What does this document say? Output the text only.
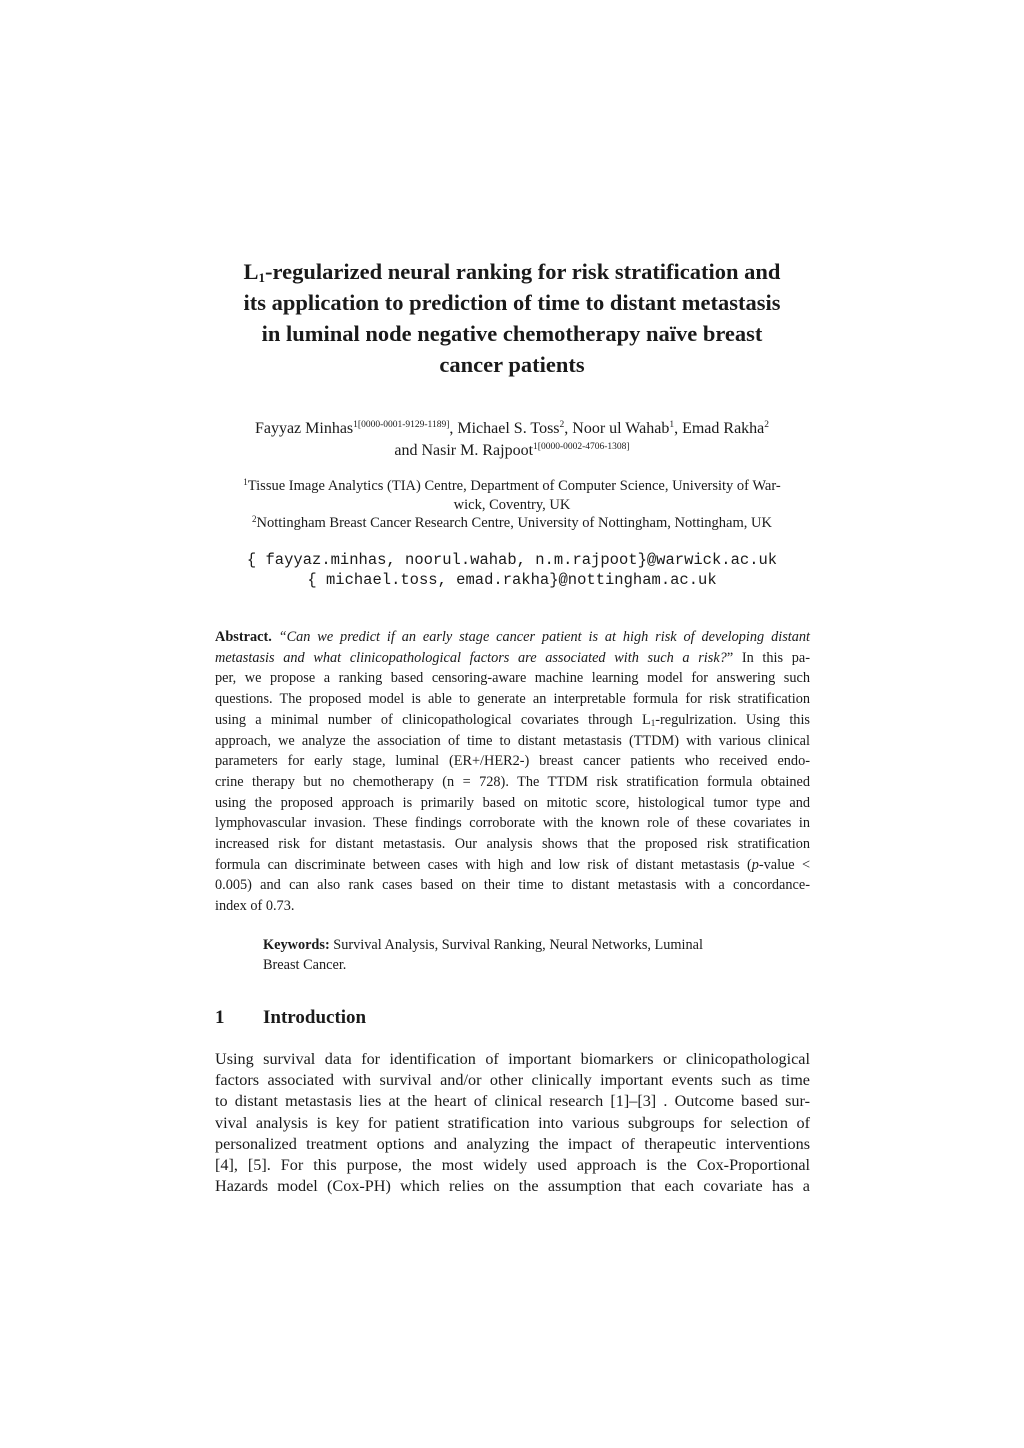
$L_1$-regularized neural ranking for risk stratification and
its application to prediction of time to distant metastasis
in luminal node negative chemotherapy naïve breast
cancer patients
Fayyaz Minhas$^{1[0000-0001-9129-1189]}$, Michael S. Toss$^2$, Noor ul Wahab$^1$, Emad Rakha$^2$
and Nasir M. Rajpoot$^{1[0000-0002-4706-1308]}$
$^1$Tissue Image Analytics (TIA) Centre, Department of Computer Science, University of War-
wick, Coventry, UK
$^2$Nottingham Breast Cancer Research Centre, University of Nottingham, Nottingham, UK
{ fayyaz.minhas, noorul.wahab, n.m.rajpoot}@warwick.ac.uk
{ michael.toss, emad.rakha}@nottingham.ac.uk
Abstract. “Can we predict if an early stage cancer patient is at high risk of developing distant
metastasis and what clinicopathological factors are associated with such a risk?” In this pa-
per, we propose a ranking based censoring-aware machine learning model for answering such
questions. The proposed model is able to generate an interpretable formula for risk stratification
using a minimal number of clinicopathological covariates through $L_1$-regulrization. Using this
approach, we analyze the association of time to distant metastasis (TTDM) with various clinical
parameters for early stage, luminal (ER+/HER2-) breast cancer patients who received endo-
crine therapy but no chemotherapy (n = 728). The TTDM risk stratification formula obtained
using the proposed approach is primarily based on mitotic score, histological tumor type and
lymphovascular invasion. These findings corroborate with the known role of these covariates in
increased risk for distant metastasis. Our analysis shows that the proposed risk stratification
formula can discriminate between cases with high and low risk of distant metastasis (p-value <
0.005) and can also rank cases based on their time to distant metastasis with a concordance-
index of 0.73.
Keywords: Survival Analysis, Survival Ranking, Neural Networks, Luminal
Breast Cancer.
1 Introduction
Using survival data for identification of important biomarkers or clinicopathological
factors associated with survival and/or other clinically important events such as time
to distant metastasis lies at the heart of clinical research [1]–[3] . Outcome based sur-
vival analysis is key for patient stratification into various subgroups for selection of
personalized treatment options and analyzing the impact of therapeutic interventions
[4], [5]. For this purpose, the most widely used approach is the Cox-Proportional
Hazards model (Cox-PH) which relies on the assumption that each covariate has a
